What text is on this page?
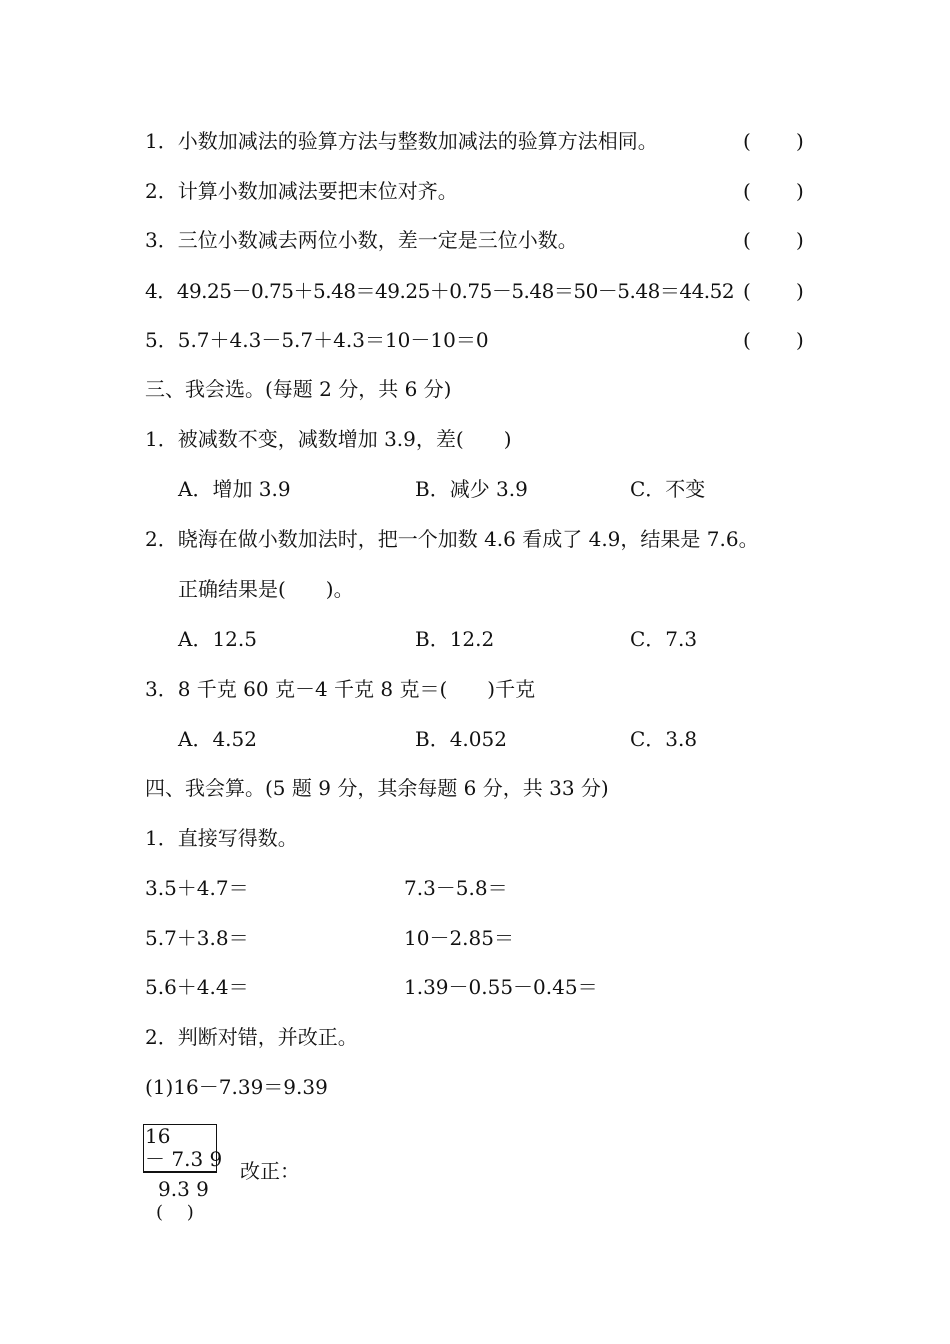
1．小数加减法的验算方法与整数加减法的验算方法相同。	( )
2．计算小数加减法要把末位对齐。	( )
3．三位小数减去两位小数，差一定是三位小数。	( )
4．49.25－0.75＋5.48＝49.25＋0.75－5.48＝50－5.48＝44.52 ( )
5．5.7＋4.3－5.7＋4.3＝10－10＝0	( )
三、我会选。(每题 2 分，共 6 分)
1．被减数不变，减数增加 3.9，差(　　)
A．增加 3.9	B．减少 3.9	C．不变
2．晓海在做小数加法时，把一个加数 4.6 看成了 4.9，结果是 7.6。
正确结果是(　　)。
A．12.5	B．12.2	C．7.3
3．8 千克 60 克－4 千克 8 克＝(　　)千克
A．4.52	B．4.052	C．3.8
四、我会算。(5 题 9 分，其余每题 6 分，共 33 分)
1．直接写得数。
3.5＋4.7＝	7.3－5.8＝
5.7＋3.8＝	10－2.85＝
5.6＋4.4＝	1.39－0.55－0.45＝
2．判断对错，并改正。
(1)16－7.39＝9.39
16
－ 7.3 9
9.3 9
(　 )
改正：
